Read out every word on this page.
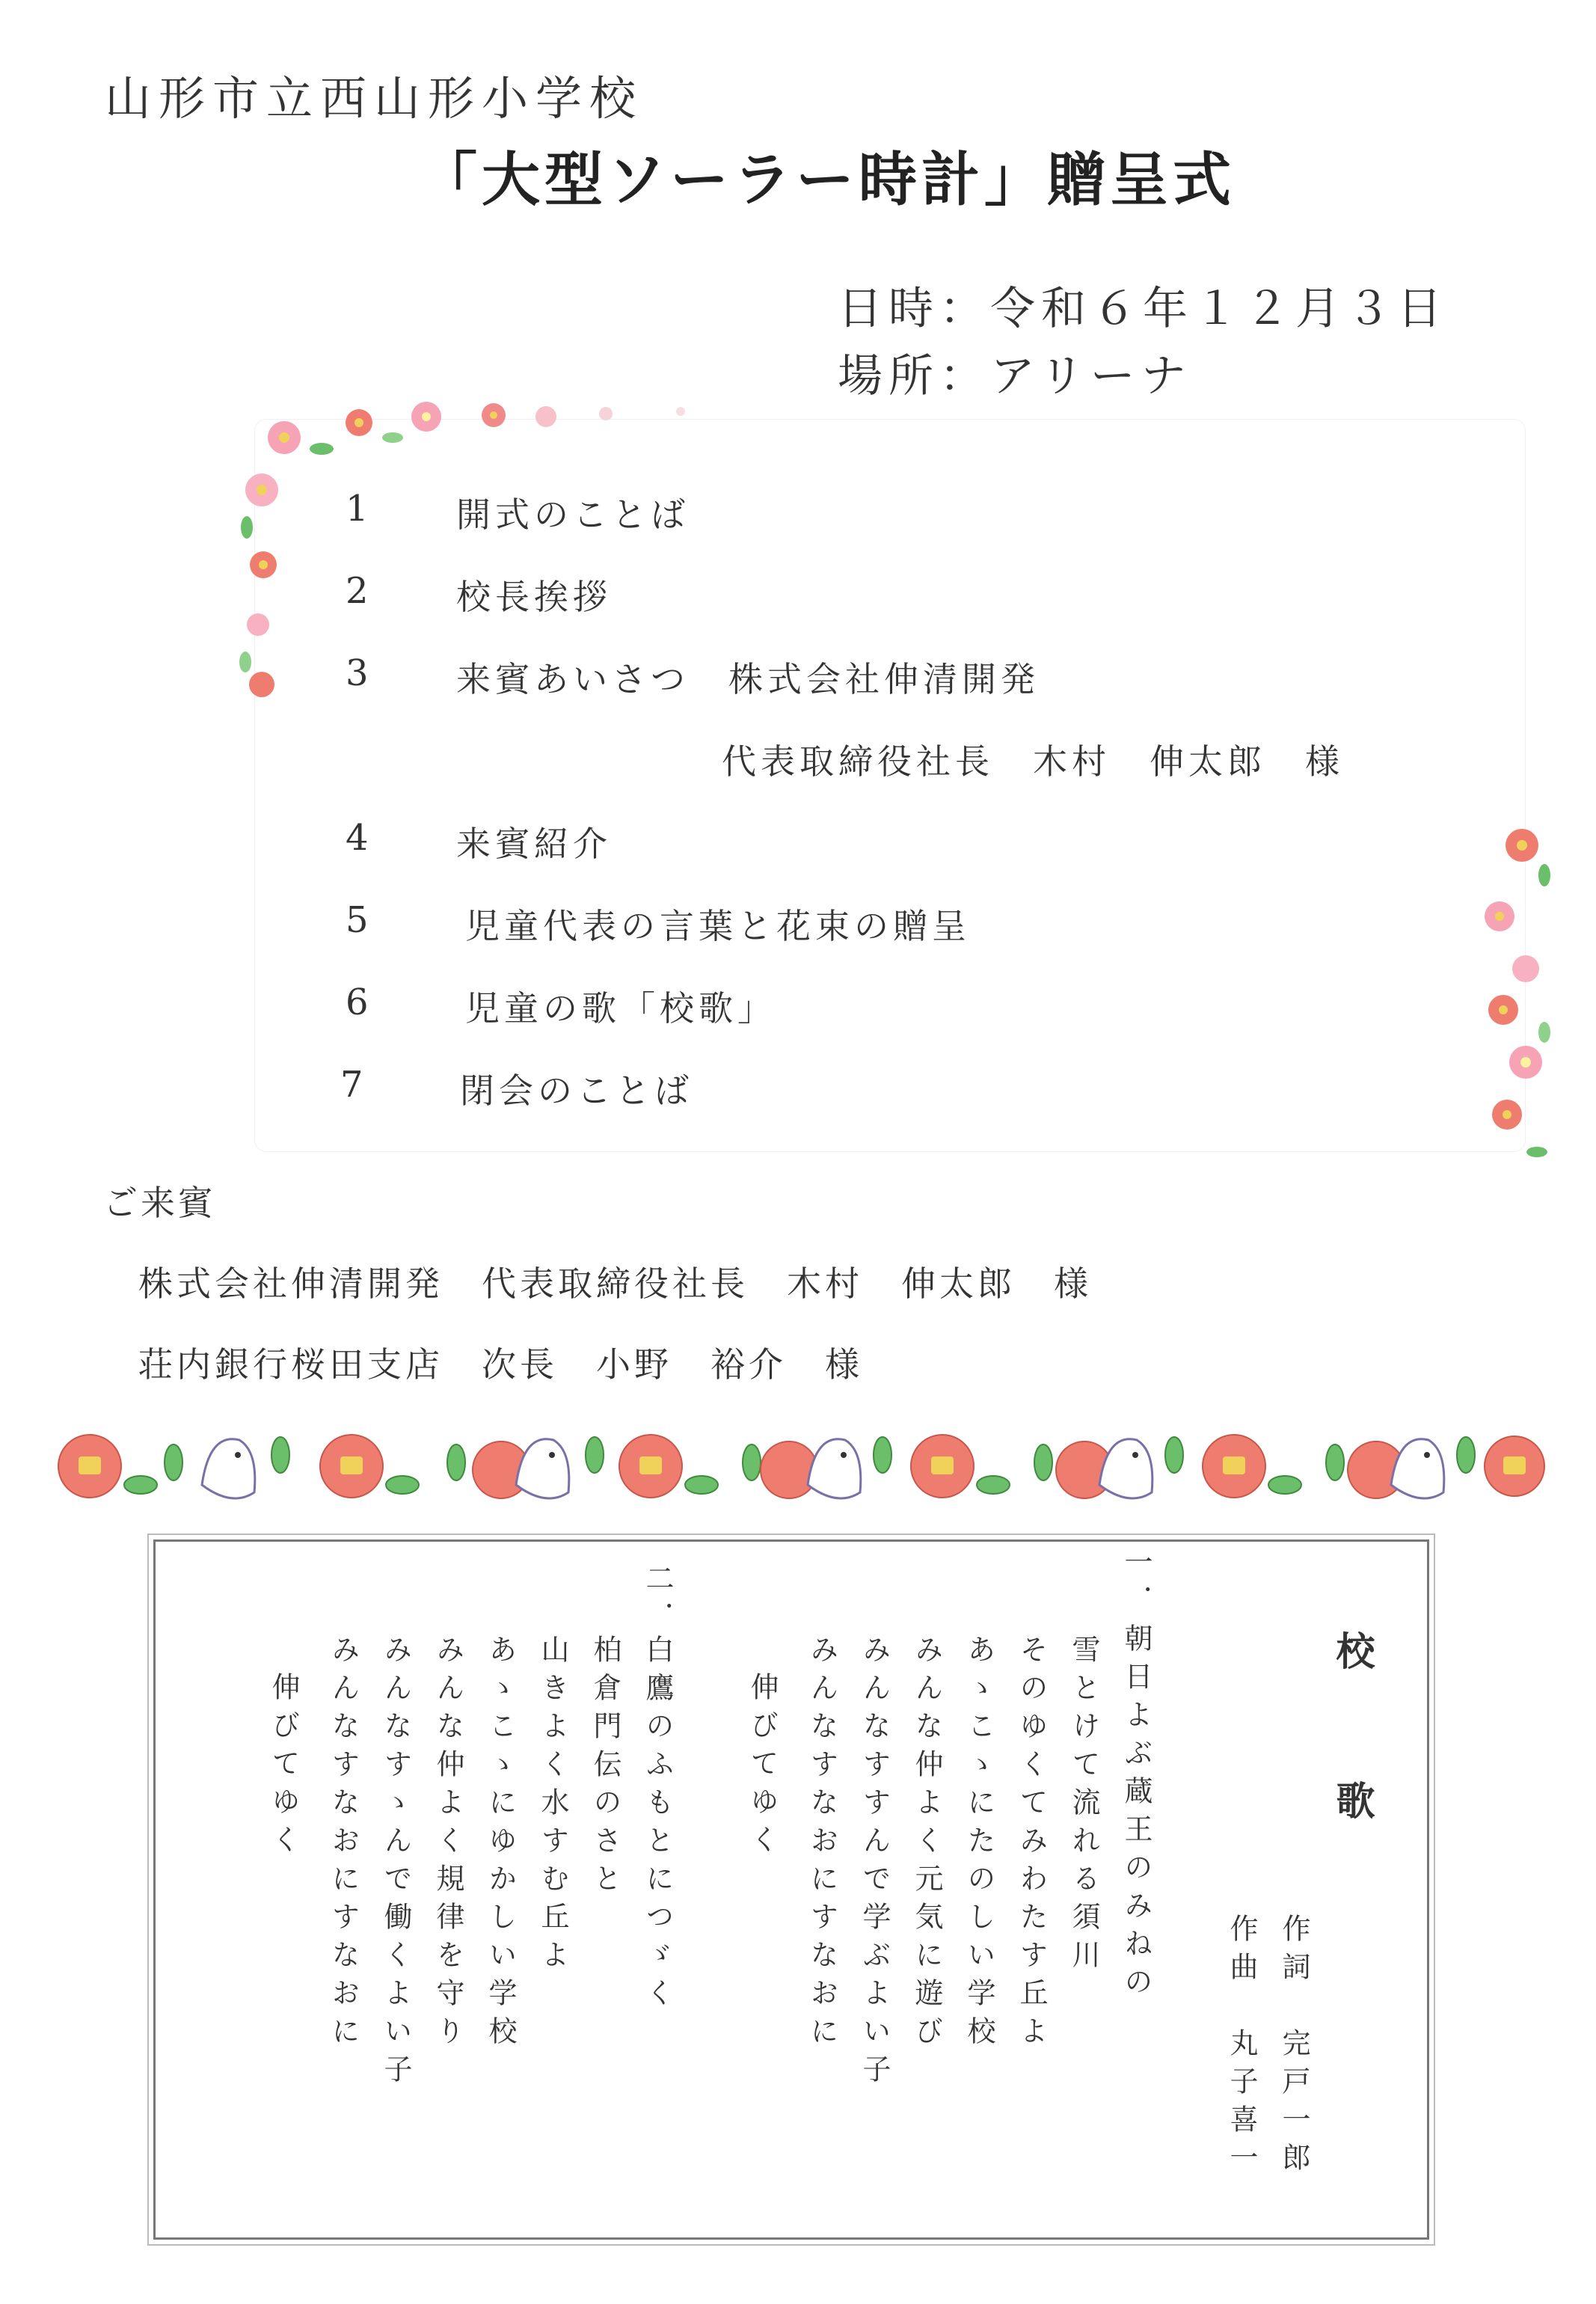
山形市立西山形小学校
「大型ソーラー時計」贈呈式
日時：令和６年１２月３日
場所：アリーナ
1	開式のことば
2	校長挨拶
3	来賓あいさつ　株式会社伸清開発
代表取締役社長　木村　伸太郎　様
4	来賓紹介
5	児童代表の言葉と花束の贈呈
6	児童の歌「校歌」
7	閉会のことば
ご来賓
株式会社伸清開発　代表取締役社長　木村　伸太郎　様
荘内銀行桜田支店　次長　小野　裕介　様
校
歌
作詞　完戸一郎
作曲　丸子喜一
一．
朝日よぶ蔵王のみねの
雪とけて流れる須川
そのゆくてみわたす丘よ
あゝこゝにたのしい学校
みんな仲よく元気に遊び
みんなすすんで学ぶよい子
みんなすなおにすなおに
伸びてゆく
二．
白鷹のふもとにつゞく
柏倉門伝のさと
山きよく水すむ丘よ
あゝこゝにゆかしい学校
みんな仲よく規律を守り
みんなすゝんで働くよい子
みんなすなおにすなおに
伸びてゆく
